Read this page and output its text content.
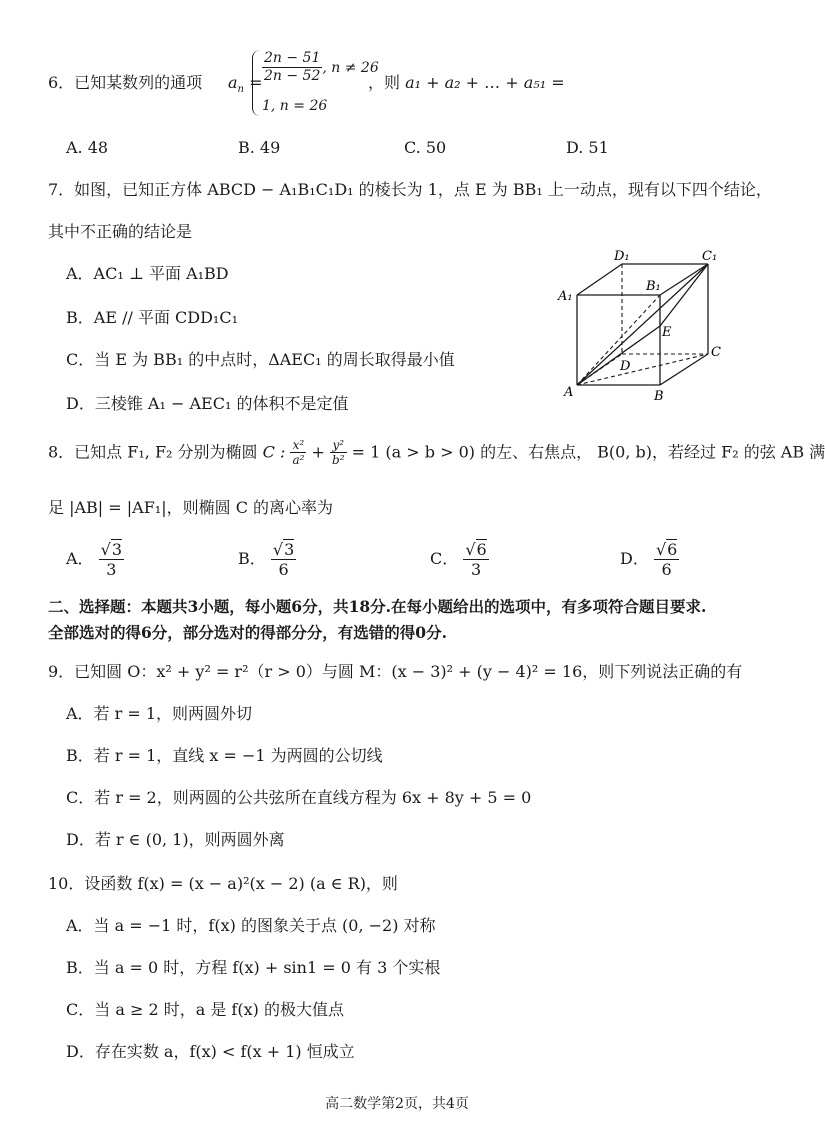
6．已知某数列的通项 $a_n = \frac{2n - 51}{2n - 52}$ , n ≠ 26
1, n = 26
，则 a₁ + a₂ + … + a₅₁ =
A. 48	B. 49	C. 50	D. 51
7．如图，已知正方体 ABCD − A₁B₁C₁D₁ 的棱长为 1，点 E 为 BB₁ 上一动点，现有以下四个结论，
其中不正确的结论是
A．AC₁ ⊥ 平面 A₁BD
B．AE // 平面 CDD₁C₁
C．当 E 为 BB₁ 的中点时，ΔAEC₁ 的周长取得最小值
D．三棱锥 A₁ − AEC₁ 的体积不是定值
D₁	C₁
A₁
B₁
E
D
C
A	B
8．已知点 F₁, F₂ 分别为椭圆 C : $\frac{\text{x²}}{\text{a²}} + \frac{\text{y²}}{\text{b²}} = 1$ (a > b > 0) 的左、右焦点， B(0, b)，若经过 F₂ 的弦 AB 满
足 |AB| = |AF₁|，则椭圆 C 的离心率为
A． $\frac{√3}{3}$	B． $\frac{√3}{6}$	C． $\frac{√6}{3}$	D． $\frac{√6}{6}$
二、选择题：本题共3小题，每小题6分，共18分.在每小题给出的选项中，有多项符合题目要求.
全部选对的得6分，部分选对的得部分分，有选错的得0分.
9．已知圆 O：x² + y² = r²（r > 0）与圆 M：(x − 3)² + (y − 4)² = 16，则下列说法正确的有
A．若 r = 1，则两圆外切
B．若 r = 1，直线 x = −1 为两圆的公切线
C．若 r = 2，则两圆的公共弦所在直线方程为 6x + 8y + 5 = 0
D．若 r ∈ (0, 1)，则两圆外离
10．设函数 f(x) = (x − a)²(x − 2) (a ∈ R)，则
A．当 a = −1 时，f(x) 的图象关于点 (0, −2) 对称
B．当 a = 0 时，方程 f(x) + sin1 = 0 有 3 个实根
C．当 a ≥ 2 时，a 是 f(x) 的极大值点
D．存在实数 a，f(x) < f(x + 1) 恒成立
高二数学第2页，共4页
